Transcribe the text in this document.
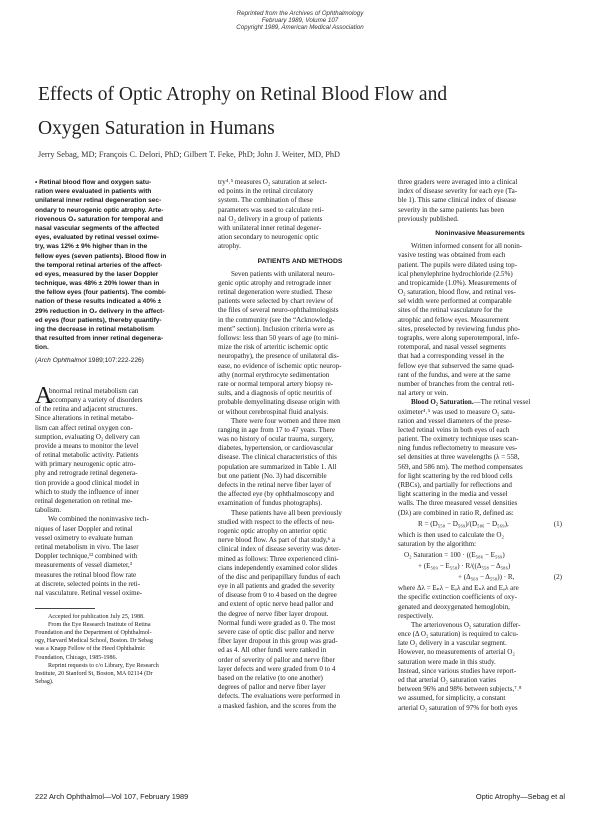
Reprinted from the Archives of Ophthalmology
February 1989, Volume 107
Copyright 1989, American Medical Association
Effects of Optic Atrophy on Retinal Blood Flow and
Oxygen Saturation in Humans
Jerry Sebag, MD; François C. Delori, PhD; Gilbert T. Feke, PhD; John J. Weiter, MD, PhD
• Retinal blood flow and oxygen satu-
ration were evaluated in patients with
unilateral inner retinal degeneration sec-
ondary to neurogenic optic atrophy. Arte-
riovenous O₂ saturation for temporal and
nasal vascular segments of the affected
eyes, evaluated by retinal vessel oxime-
try, was 12% ± 9% higher than in the
fellow eyes (seven patients). Blood flow in
the temporal retinal arteries of the affect-
ed eyes, measured by the laser Doppler
technique, was 48% ± 20% lower than in
the fellow eyes (four patients). The combi-
nation of these results indicated a 40% ±
29% reduction in O₂ delivery in the affect-
ed eyes (four patients), thereby quantify-
ing the decrease in retinal metabolism
that resulted from inner retinal degenera-
tion.
(Arch Ophthalmol 1989;107:222-226)
A
bnormal retinal metabolism can
accompany a variety of disorders
of the retina and adjacent structures.
Since alterations in retinal metabo-
lism can affect retinal oxygen con-
sumption, evaluating O₂ delivery can
provide a means to monitor the level
of retinal metabolic activity. Patients
with primary neurogenic optic atro-
phy and retrograde retinal degenera-
tion provide a good clinical model in
which to study the influence of inner
retinal degeneration on retinal me-
tabolism.
We combined the noninvasive tech-
niques of laser Doppler and retinal
vessel oximetry to evaluate human
retinal metabolism in vivo. The laser
Doppler technique,¹² combined with
measurements of vessel diameter,³
measures the retinal blood flow rate
at discrete, selected points in the reti-
nal vasculature. Retinal vessel oxime-
Accepted for publication July 25, 1988.
From the Eye Research Institute of Retina
Foundation and the Department of Ophthalmol-
ogy, Harvard Medical School, Boston. Dr Sebag
was a Knapp Fellow of the Heed Ophthalmic
Foundation, Chicago, 1985-1986.
Reprint requests to c/o Library, Eye Research
Institute, 20 Stanford St, Boston, MA 02114 (Dr
Sebag).
try⁴˒⁵ measures O₂ saturation at select-
ed points in the retinal circulatory
system. The combination of these
parameters was used to calculate reti-
nal O₂ delivery in a group of patients
with unilateral inner retinal degener-
ation secondary to neurogenic optic
atrophy.
PATIENTS AND METHODS
Seven patients with unilateral neuro-
genic optic atrophy and retrograde inner
retinal degeneration were studied. These
patients were selected by chart review of
the files of several neuro-ophthalmologists
in the community (see the “Acknowledg-
ment” section). Inclusion criteria were as
follows: less than 50 years of age (to mini-
mize the risk of arteritic ischemic optic
neuropathy), the presence of unilateral dis-
ease, no evidence of ischemic optic neurop-
athy (normal erythrocyte sedimentation
rate or normal temporal artery biopsy re-
sults, and a diagnosis of optic neuritis of
probable demyelinating disease origin with
or without cerebrospinal fluid analysis.
There were four women and three men
ranging in age from 17 to 47 years. There
was no history of ocular trauma, surgery,
diabetes, hypertension, or cardiovascular
disease. The clinical characteristics of this
population are summarized in Table 1. All
but one patient (No. 3) had discernible
defects in the retinal nerve fiber layer of
the affected eye (by ophthalmoscopy and
examination of fundus photographs).
These patients have all been previously
studied with respect to the effects of neu-
rogenic optic atrophy on anterior optic
nerve blood flow. As part of that study,⁶ a
clinical index of disease severity was deter-
mined as follows: Three experienced clini-
cians independently examined color slides
of the disc and peripapillary fundus of each
eye in all patients and graded the severity
of disease from 0 to 4 based on the degree
and extent of optic nerve head pallor and
the degree of nerve fiber layer dropout.
Normal fundi were graded as 0. The most
severe case of optic disc pallor and nerve
fiber layer dropout in this group was grad-
ed as 4. All other fundi were ranked in
order of severity of pallor and nerve fiber
layer defects and were graded from 0 to 4
based on the relative (to one another)
degrees of pallor and nerve fiber layer
defects. The evaluations were performed in
a masked fashion, and the scores from the
three graders were averaged into a clinical
index of disease severity for each eye (Ta-
ble 1). This same clinical index of disease
severity in the same patients has been
previously published.
Noninvasive Measurements
Written informed consent for all nonin-
vasive testing was obtained from each
patient. The pupils were dilated using top-
ical phenylephrine hydrochloride (2.5%)
and tropicamide (1.0%). Measurements of
O₂ saturation, blood flow, and retinal ves-
sel width were performed at comparable
sites of the retinal vasculature for the
atrophic and fellow eyes. Measurement
sites, preselected by reviewing fundus pho-
tographs, were along superotemporal, infe-
rotemporal, and nasal vessel segments
that had a corresponding vessel in the
fellow eye that subserved the same quad-
rant of the fundus, and were at the same
number of branches from the central reti-
nal artery or vein.
Blood O₂ Saturation.—The retinal vessel
oximeter⁴˒⁵ was used to measure O₂ satu-
ration and vessel diameters of the prese-
lected retinal veins in both eyes of each
patient. The oximetry technique uses scan-
ning fundus reflectometry to measure ves-
sel densities at three wavelengths (λ = 558,
569, and 586 nm). The method compensates
for light scattering by the red blood cells
(RBCs), and partially for reflections and
light scattering in the media and vessel
walls. The three measured vessel densities
(Dλ) are combined in ratio R, defined as:
R = (D₅₅₈ − D₅₆₉)/(D₅₈₆ − D₅₆₉),	(1)
which is then used to calculate the O₂
saturation by the algorithm:
O₂ Saturation = 100 · ((E₅₈₆ − E₅₆₉)
+ (E₅₆₉ − E₅₅₈) · R/((Δ₅₅₈ − Δ₅₈₆)
+ (Δ₅₆₉ − Δ₅₅₈)) · R,	(2)
where Δλ = Eₙλ − Eₒλ and Eₙλ and Eₒλ are
the specific extinction coefficients of oxy-
genated and deoxygenated hemoglobin,
respectively.
The arteriovenous O₂ saturation differ-
ence (Δ O₂ saturation) is required to calcu-
late O₂ delivery in a vascular segment.
However, no measurements of arterial O₂
saturation were made in this study.
Instead, since various studies have report-
ed that arterial O₂ saturation varies
between 96% and 98% between subjects,⁷˒⁸
we assumed, for simplicity, a constant
arterial O₂ saturation of 97% for both eyes
222 Arch Ophthalmol—Vol 107, February 1989	Optic Atrophy—Sebag et al
